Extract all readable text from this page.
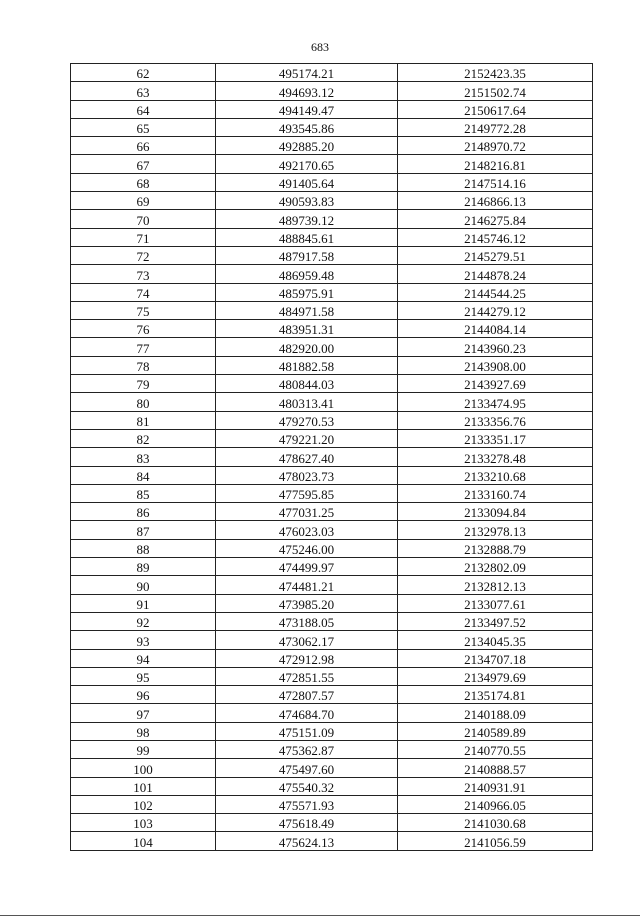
683
62	495174.21	2152423.35
63	494693.12	2151502.74
64	494149.47	2150617.64
65	493545.86	2149772.28
66	492885.20	2148970.72
67	492170.65	2148216.81
68	491405.64	2147514.16
69	490593.83	2146866.13
70	489739.12	2146275.84
71	488845.61	2145746.12
72	487917.58	2145279.51
73	486959.48	2144878.24
74	485975.91	2144544.25
75	484971.58	2144279.12
76	483951.31	2144084.14
77	482920.00	2143960.23
78	481882.58	2143908.00
79	480844.03	2143927.69
80	480313.41	2133474.95
81	479270.53	2133356.76
82	479221.20	2133351.17
83	478627.40	2133278.48
84	478023.73	2133210.68
85	477595.85	2133160.74
86	477031.25	2133094.84
87	476023.03	2132978.13
88	475246.00	2132888.79
89	474499.97	2132802.09
90	474481.21	2132812.13
91	473985.20	2133077.61
92	473188.05	2133497.52
93	473062.17	2134045.35
94	472912.98	2134707.18
95	472851.55	2134979.69
96	472807.57	2135174.81
97	474684.70	2140188.09
98	475151.09	2140589.89
99	475362.87	2140770.55
100	475497.60	2140888.57
101	475540.32	2140931.91
102	475571.93	2140966.05
103	475618.49	2141030.68
104	475624.13	2141056.59
